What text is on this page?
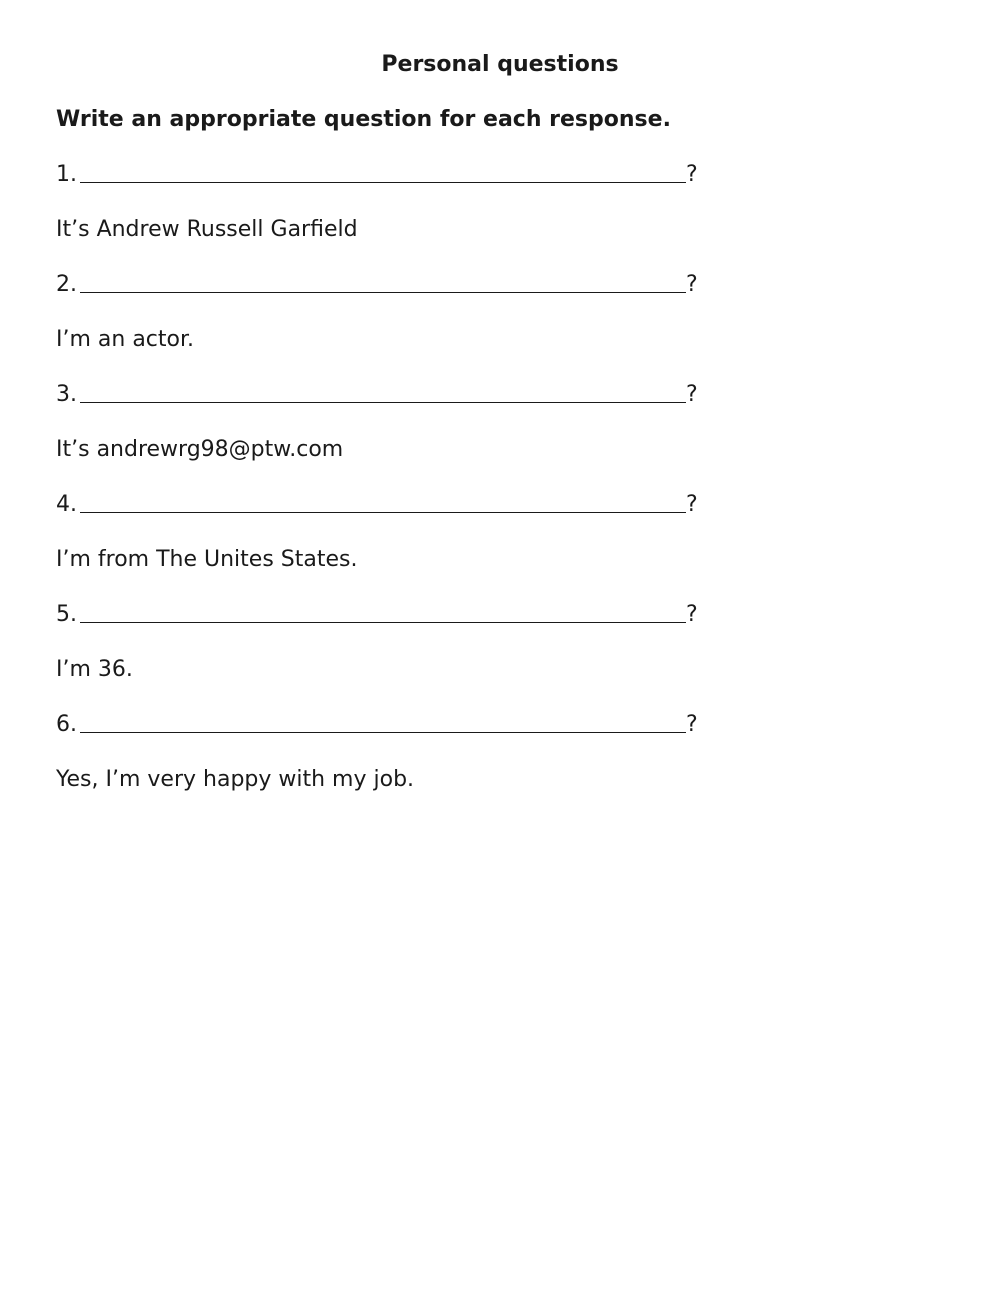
Personal questions
Write an appropriate question for each response.
1.	?
It’s Andrew Russell Garfield
2.	?
I’m an actor.
3.	?
It’s andrewrg98@ptw.com
4.	?
I’m from The Unites States.
5.	?
I’m 36.
6.	?
Yes, I’m very happy with my job.
